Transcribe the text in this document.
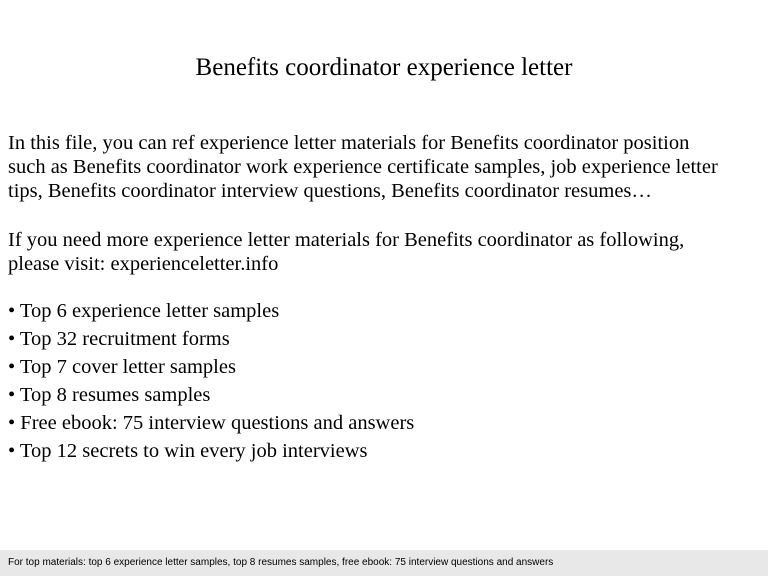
Benefits coordinator experience letter

In this file, you can ref experience letter materials for Benefits coordinator position
such as Benefits coordinator work experience certificate samples, job experience letter
tips, Benefits coordinator interview questions, Benefits coordinator resumes…

If you need more experience letter materials for Benefits coordinator as following,
please visit: experienceletter.info

• Top 6 experience letter samples
• Top 32 recruitment forms
• Top 7 cover letter samples
• Top 8 resumes samples
• Free ebook: 75 interview questions and answers
• Top 12 secrets to win every job interviews
For top materials: top 6 experience letter samples, top 8 resumes samples, free ebook: 75 interview questions and answers
